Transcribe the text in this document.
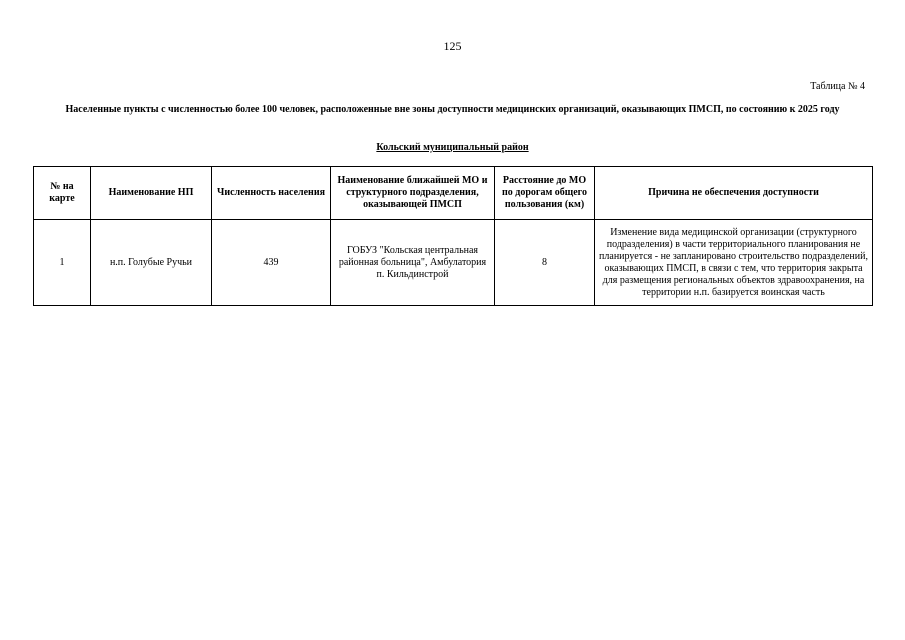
125
Таблица № 4
Населенные пункты с численностью более 100 человек, расположенные вне зоны доступности медицинских организаций, оказывающих ПМСП, по состоянию к 2025 году
Кольский муниципальный район
№ на карте	Наименование НП	Численность населения	Наименование ближайшей МО и структурного подразделения, оказывающей ПМСП	Расстояние до МО по дорогам общего пользования (км)	Причина не обеспечения доступности
1	н.п. Голубые Ручьи	439	ГОБУЗ "Кольская центральная районная больница", Амбулатория п. Кильдинстрой	8	Изменение вида медицинской организации (структурного подразделения) в части территориального планирования не планируется - не запланировано строительство подразделений, оказывающих ПМСП, в связи с тем, что территория закрыта для размещения региональных объектов здравоохранения, на территории н.п. базируется воинская часть
